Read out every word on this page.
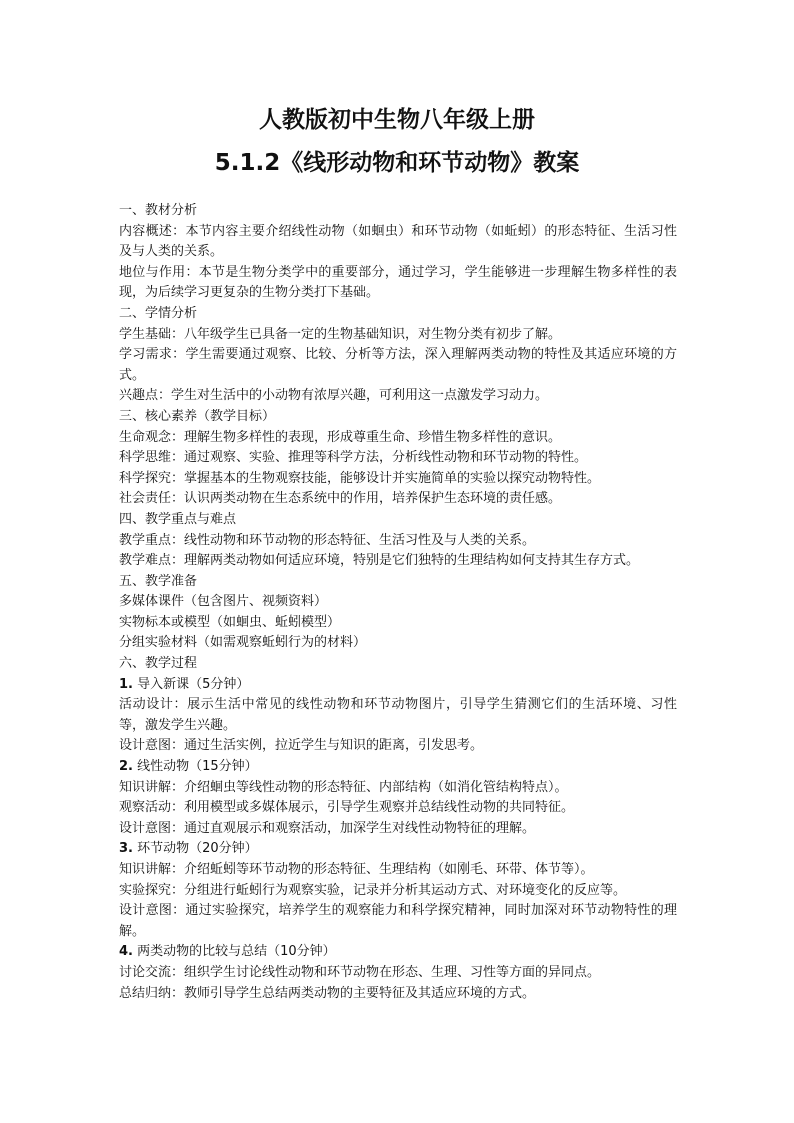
人教版初中生物八年级上册
5.1.2《线形动物和环节动物》教案

一、教材分析

内容概述：本节内容主要介绍线性动物（如蛔虫）和环节动物（如蚯蚓）的形态特征、生活习性及与人类的关系。

地位与作用：本节是生物分类学中的重要部分，通过学习，学生能够进一步理解生物多样性的表现，为后续学习更复杂的生物分类打下基础。

二、学情分析

学生基础：八年级学生已具备一定的生物基础知识，对生物分类有初步了解。

学习需求：学生需要通过观察、比较、分析等方法，深入理解两类动物的特性及其适应环境的方式。

兴趣点：学生对生活中的小动物有浓厚兴趣，可利用这一点激发学习动力。

三、核心素养（教学目标）

生命观念：理解生物多样性的表现，形成尊重生命、珍惜生物多样性的意识。

科学思维：通过观察、实验、推理等科学方法，分析线性动物和环节动物的特性。

科学探究：掌握基本的生物观察技能，能够设计并实施简单的实验以探究动物特性。

社会责任：认识两类动物在生态系统中的作用，培养保护生态环境的责任感。

四、教学重点与难点

教学重点：线性动物和环节动物的形态特征、生活习性及与人类的关系。

教学难点：理解两类动物如何适应环境，特别是它们独特的生理结构如何支持其生存方式。

五、教学准备

多媒体课件（包含图片、视频资料）

实物标本或模型（如蛔虫、蚯蚓模型）

分组实验材料（如需观察蚯蚓行为的材料）

六、教学过程

1. 导入新课（5分钟）

活动设计：展示生活中常见的线性动物和环节动物图片，引导学生猜测它们的生活环境、习性等，激发学生兴趣。

设计意图：通过生活实例，拉近学生与知识的距离，引发思考。

2. 线性动物（15分钟）

知识讲解：介绍蛔虫等线性动物的形态特征、内部结构（如消化管结构特点）。

观察活动：利用模型或多媒体展示，引导学生观察并总结线性动物的共同特征。

设计意图：通过直观展示和观察活动，加深学生对线性动物特征的理解。

3. 环节动物（20分钟）

知识讲解：介绍蚯蚓等环节动物的形态特征、生理结构（如刚毛、环带、体节等）。

实验探究：分组进行蚯蚓行为观察实验，记录并分析其运动方式、对环境变化的反应等。

设计意图：通过实验探究，培养学生的观察能力和科学探究精神，同时加深对环节动物特性的理解。

4. 两类动物的比较与总结（10分钟）

讨论交流：组织学生讨论线性动物和环节动物在形态、生理、习性等方面的异同点。

总结归纳：教师引导学生总结两类动物的主要特征及其适应环境的方式。
